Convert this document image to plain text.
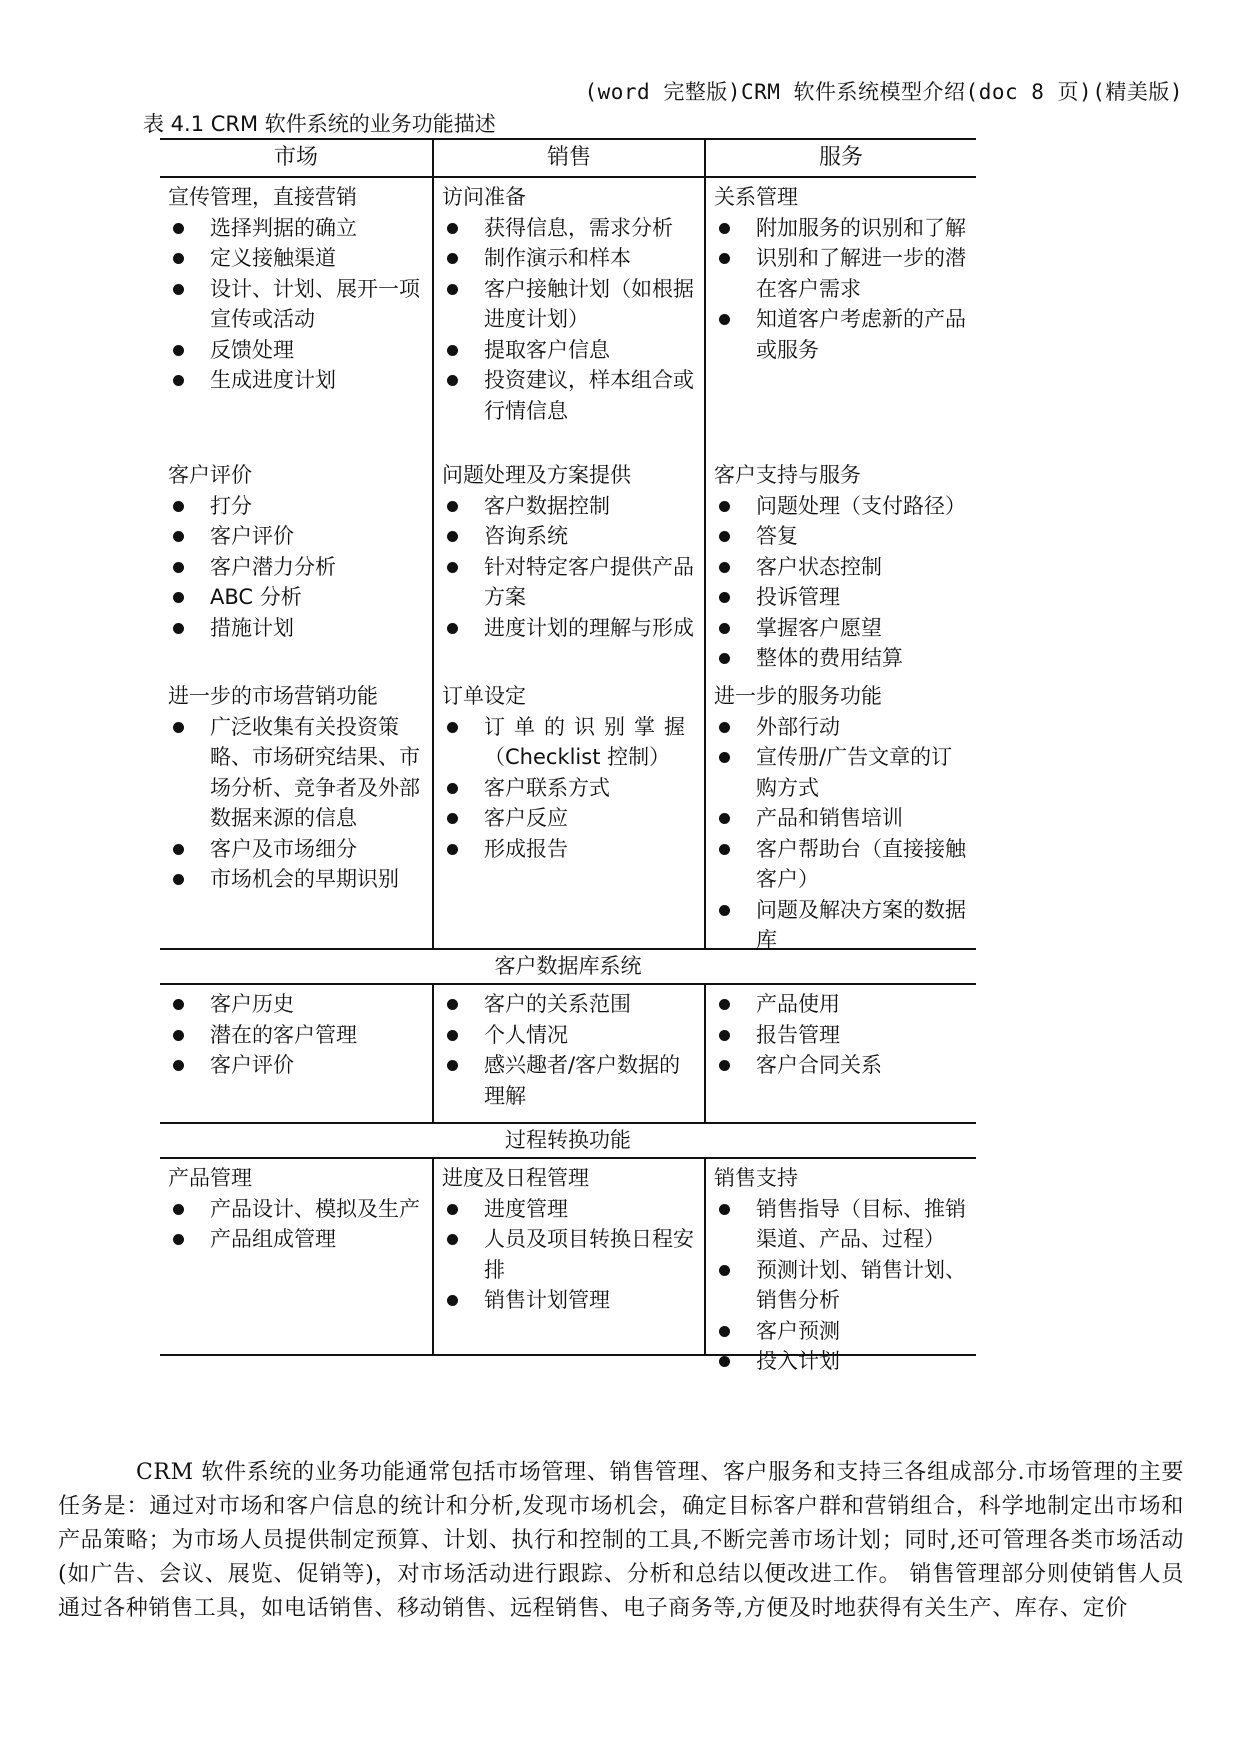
(word 完整版)CRM 软件系统模型介绍(doc 8 页)(精美版)
表 4.1 CRM 软件系统的业务功能描述
市场	销售	服务
宣传管理，直接营销
选择判据的确立
定义接触渠道
设计、计划、展开一项宣传或活动
反馈处理
生成进度计划
访问准备
获得信息，需求分析
制作演示和样本
客户接触计划（如根据进度计划）
提取客户信息
投资建议，样本组合或行情信息
关系管理
附加服务的识别和了解
识别和了解进一步的潜在客户需求
知道客户考虑新的产品或服务
客户评价
打分
客户评价
客户潜力分析
ABC 分析
措施计划
问题处理及方案提供
客户数据控制
咨询系统
针对特定客户提供产品方案
进度计划的理解与形成
客户支持与服务
问题处理（支付路径）
答复
客户状态控制
投诉管理
掌握客户愿望
整体的费用结算
进一步的市场营销功能
广泛收集有关投资策略、市场研究结果、市场分析、竞争者及外部数据来源的信息
客户及市场细分
市场机会的早期识别
订单设定
订单的识别掌握
（Checklist 控制）
客户联系方式
客户反应
形成报告
进一步的服务功能
外部行动
宣传册/广告文章的订购方式
产品和销售培训
客户帮助台（直接接触客户）
问题及解决方案的数据库
客户数据库系统
客户历史
潜在的客户管理
客户评价
客户的关系范围
个人情况
感兴趣者/客户数据的理解
产品使用
报告管理
客户合同关系
过程转换功能
产品管理
产品设计、模拟及生产
产品组成管理
进度及日程管理
进度管理
人员及项目转换日程安排
销售计划管理
销售支持
销售指导（目标、推销渠道、产品、过程）
预测计划、销售计划、销售分析
客户预测
投入计划

CRM 软件系统的业务功能通常包括市场管理、销售管理、客户服务和支持三各组成部分.市场管理的主要任务是：通过对市场和客户信息的统计和分析,发现市场机会，确定目标客户群和营销组合，科学地制定出市场和产品策略；为市场人员提供制定预算、计划、执行和控制的工具,不断完善市场计划；同时,还可管理各类市场活动(如广告、会议、展览、促销等)，对市场活动进行跟踪、分析和总结以便改进工作。 销售管理部分则使销售人员通过各种销售工具，如电话销售、移动销售、远程销售、电子商务等,方便及时地获得有关生产、库存、定价
